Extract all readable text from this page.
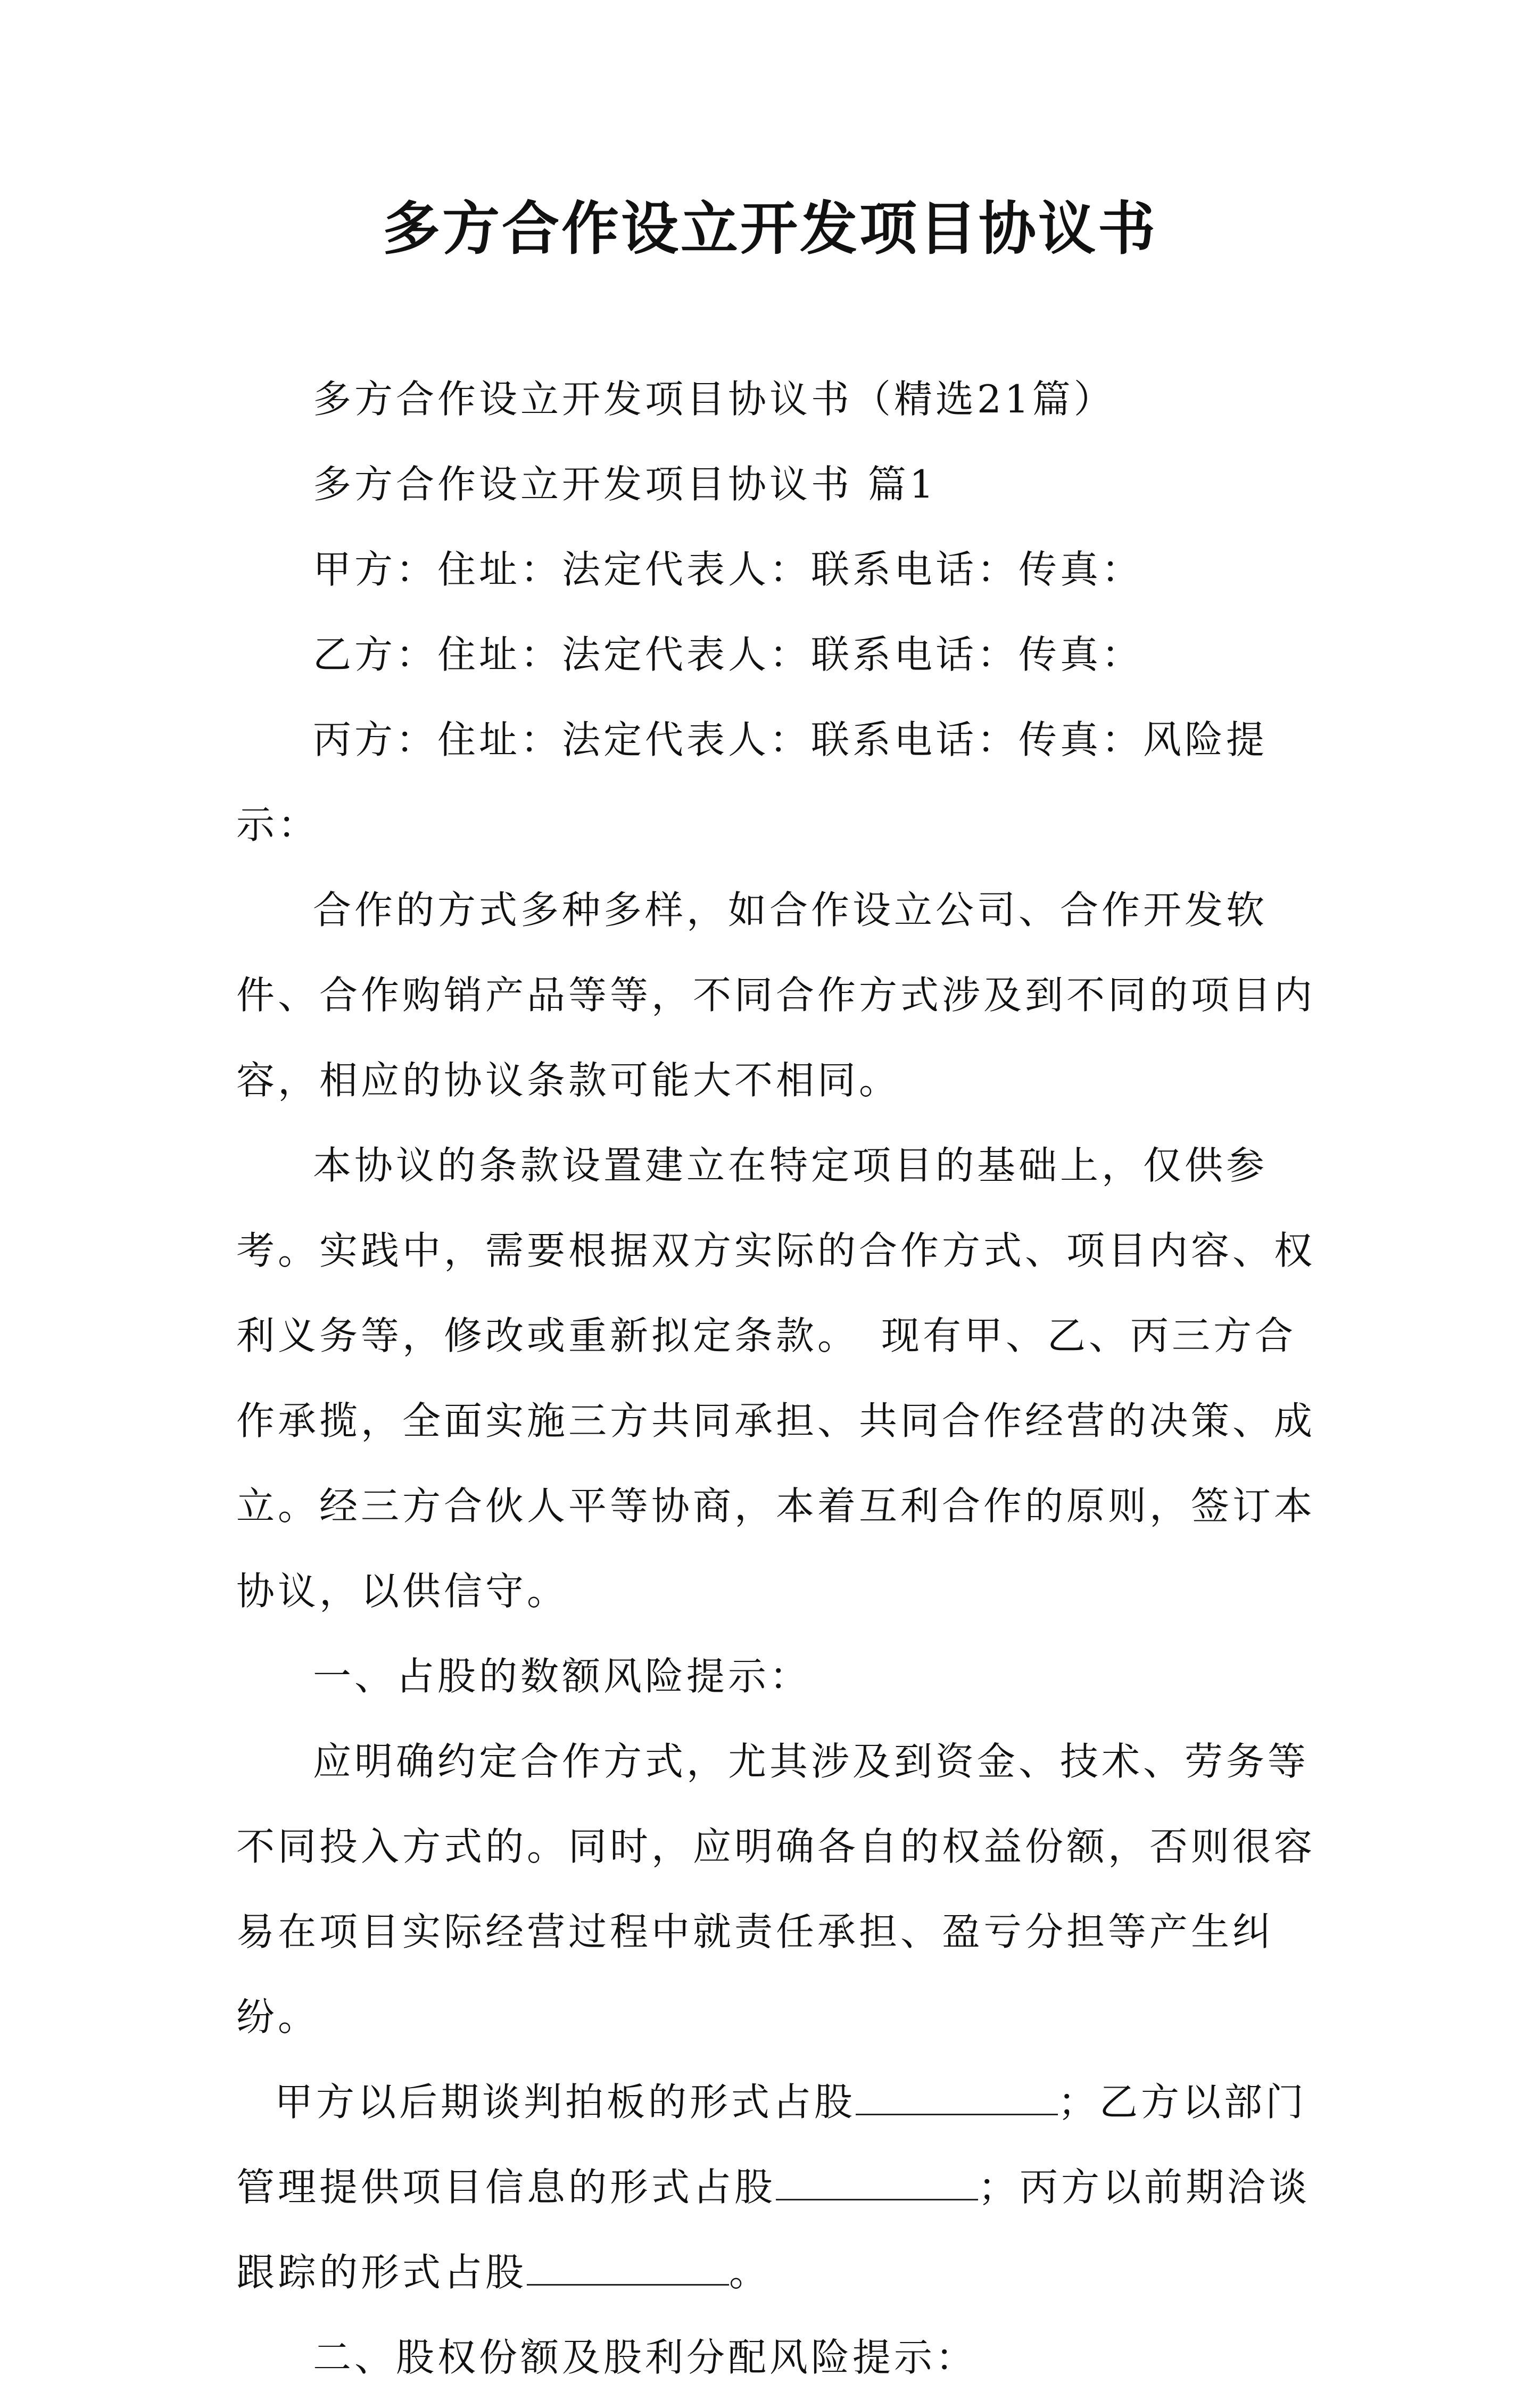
多方合作设立开发项目协议书

多方合作设立开发项目协议书（精选21篇）

多方合作设立开发项目协议书 篇1

甲方：住址：法定代表人：联系电话：传真：

乙方：住址：法定代表人：联系电话：传真：

丙方：住址：法定代表人：联系电话：传真：风险提示：

合作的方式多种多样，如合作设立公司、合作开发软件、合作购销产品等等，不同合作方式涉及到不同的项目内容，相应的协议条款可能大不相同。

本协议的条款设置建立在特定项目的基础上，仅供参考。实践中，需要根据双方实际的合作方式、项目内容、权利义务等，修改或重新拟定条款。　现有甲、乙、丙三方合作承揽，全面实施三方共同承担、共同合作经营的决策、成立。经三方合伙人平等协商，本着互利合作的原则，签订本协议，以供信守。

一、占股的数额风险提示：

应明确约定合作方式，尤其涉及到资金、技术、劳务等不同投入方式的。同时，应明确各自的权益份额，否则很容易在项目实际经营过程中就责任承担、盈亏分担等产生纠纷。

甲方以后期谈判拍板的形式占股	；乙方以部门管理提供项目信息的形式占股	；丙方以前期洽谈跟踪的形式占股	。

二、股权份额及股利分配风险提示：
